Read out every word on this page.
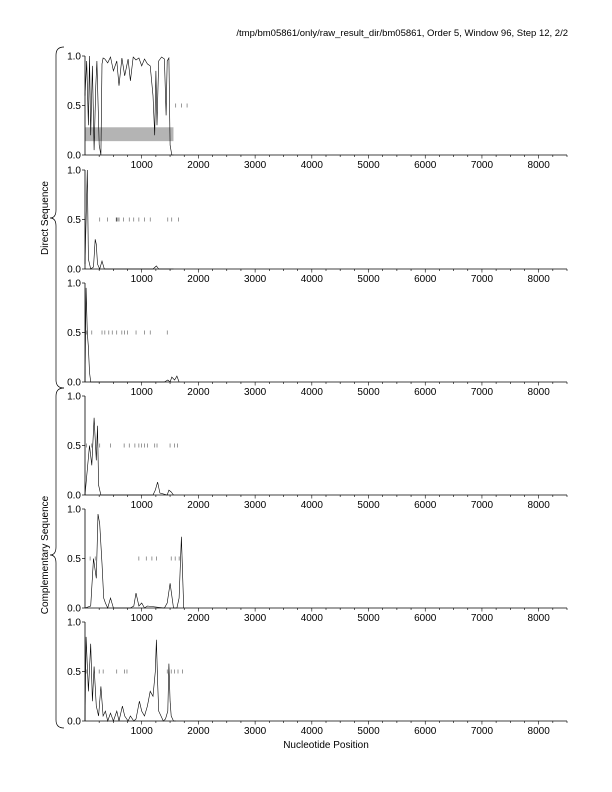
/tmp/bm05861/only/raw_result_dir/bm05861, Order 5, Window 96, Step 12, 2/2
0.0
0.5
1.0
1000	2000	3000	4000	5000	6000	7000	8000
0.0
0.5
1.0
1000	2000	3000	4000	5000	6000	7000	8000
0.0
0.5
1.0
1000	2000	3000	4000	5000	6000	7000	8000
0.0
0.5
1.0
1000	2000	3000	4000	5000	6000	7000	8000
0.0
0.5
1.0
1000	2000	3000	4000	5000	6000	7000	8000
0.0
0.5
1.0
1000	2000	3000	4000	5000	6000	7000	8000
Direct Sequence
Complementary Sequence
Nucleotide Position
